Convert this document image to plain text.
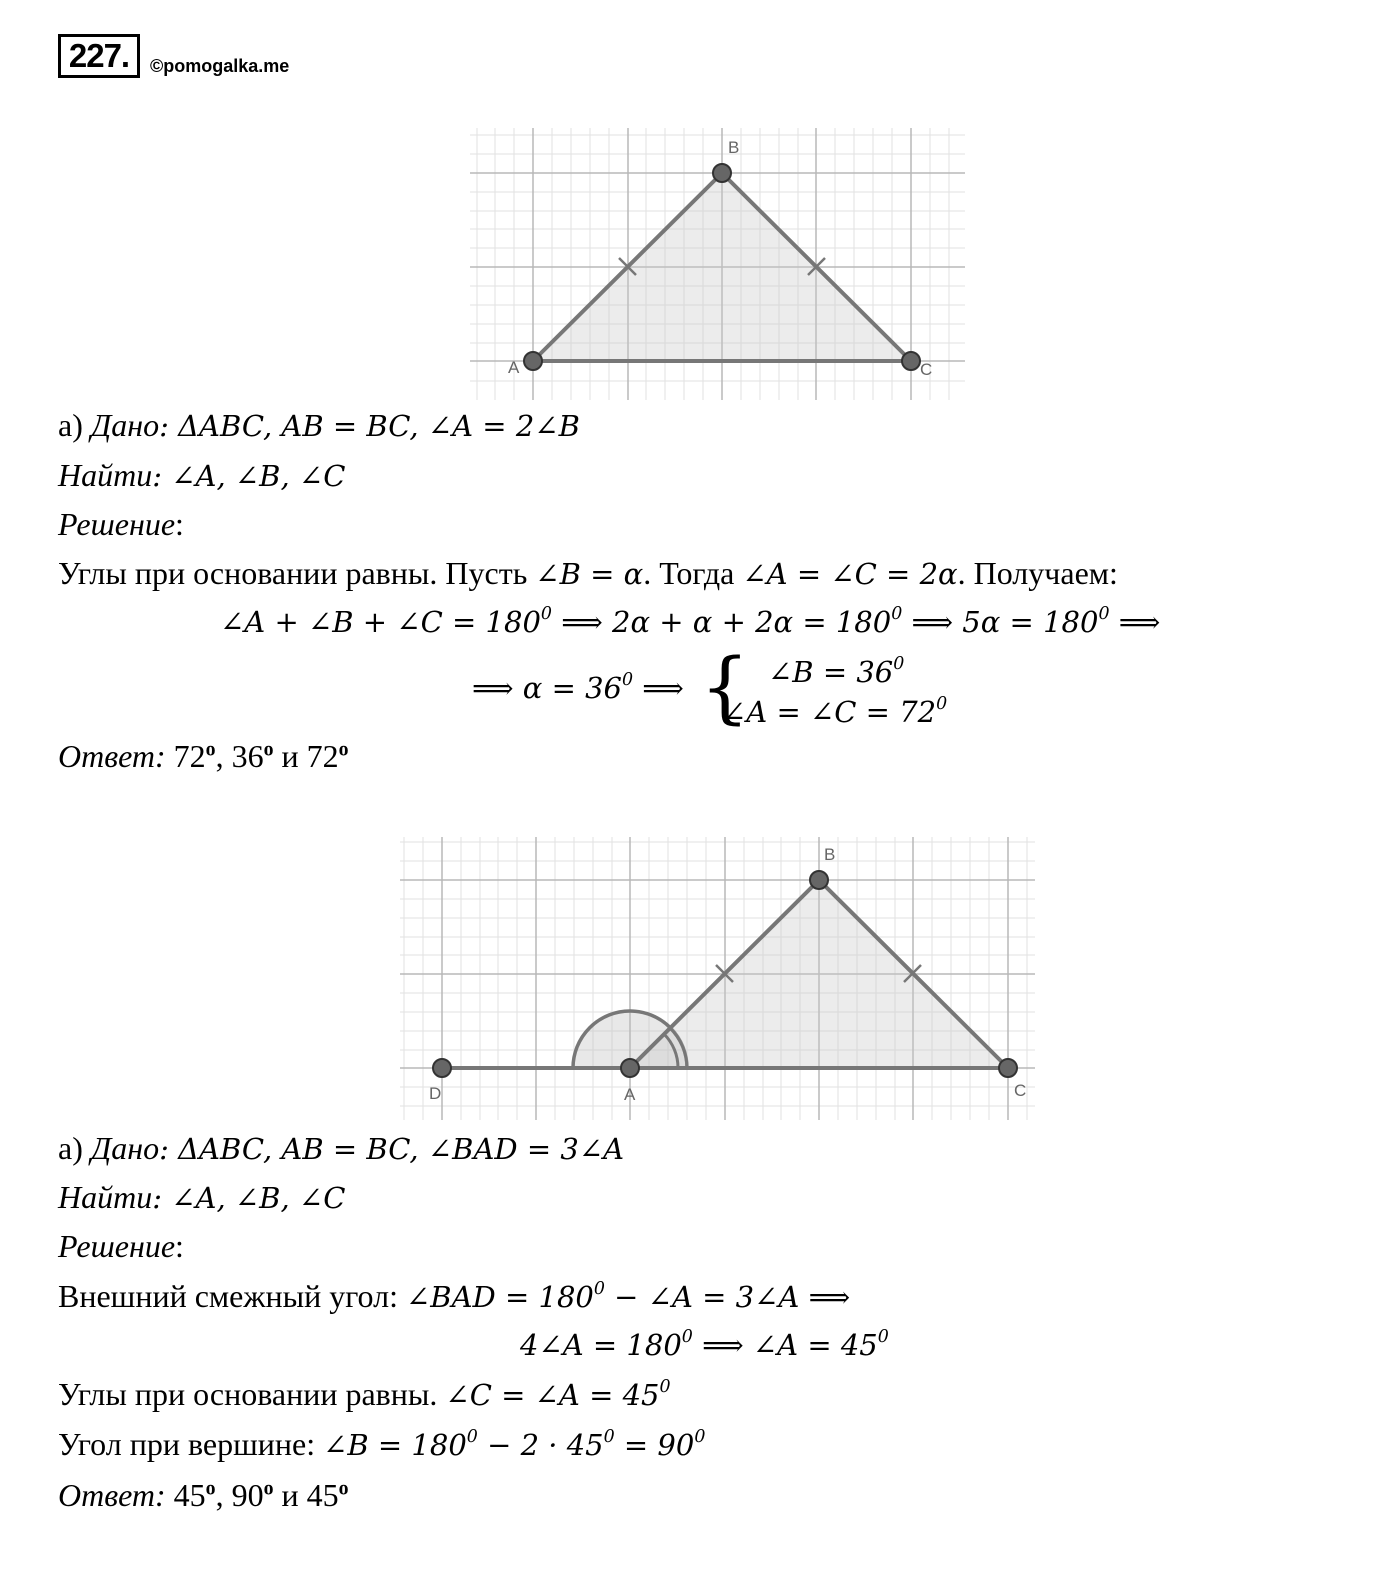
227.	©pomogalka.me
A
B
C
а) Дано: ΔABC, AB = BC, ∠A = 2∠B
Найти: ∠A, ∠B, ∠C
Решение:
Углы при основании равны. Пусть ∠B = α. Тогда ∠A = ∠C = 2α. Получаем:
∠A + ∠B + ∠C = $180^0$ ⟹ $2\alpha + \alpha + 2\alpha = 180^0$ ⟹ $5\alpha = 180^0$ ⟹
⟹ $\alpha = 36^0$ ⟹ { ∠B = $36^0$
∠A = ∠C = $72^0$
Ответ: 72$^o$, 36$^o$ и 72$^o$
D	A
B
C
а) Дано: ΔABC, AB = BC, ∠BAD = 3∠A
Найти: ∠A, ∠B, ∠C
Решение:
Внешний смежный угол: ∠BAD = $180^0$ − ∠A = 3∠A ⟹
4∠A = $180^0$ ⟹ ∠A = $45^0$
Углы при основании равны. ∠C = ∠A = $45^0$
Угол при вершине: ∠B = $180^0 - 2 \cdot 45^0 = 90^0$
Ответ: 45$^o$, 90$^o$ и 45$^o$
